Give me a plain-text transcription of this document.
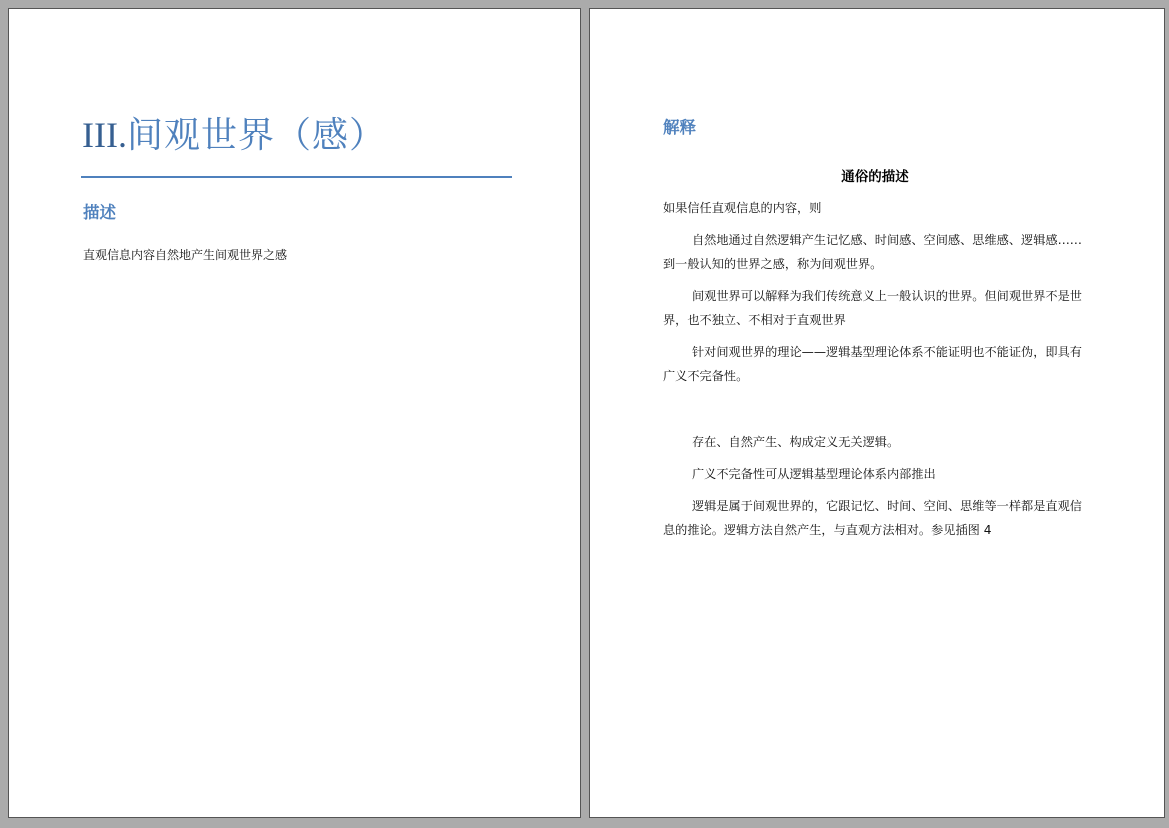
III.间观世界（感）
描述
直观信息内容自然地产生间观世界之感
解释
通俗的描述

如果信任直观信息的内容，则

自然地通过自然逻辑产生记忆感、时间感、空间感、思维感、逻辑感……
到一般认知的世界之感，称为间观世界。

间观世界可以解释为我们传统意义上一般认识的世界。但间观世界不是世
界，也不独立、不相对于直观世界

针对间观世界的理论——逻辑基型理论体系不能证明也不能证伪，即具有
广义不完备性。

存在、自然产生、构成定义无关逻辑。

广义不完备性可从逻辑基型理论体系内部推出

逻辑是属于间观世界的，它跟记忆、时间、空间、思维等一样都是直观信
息的推论。逻辑方法自然产生，与直观方法相对。参见插图 4
